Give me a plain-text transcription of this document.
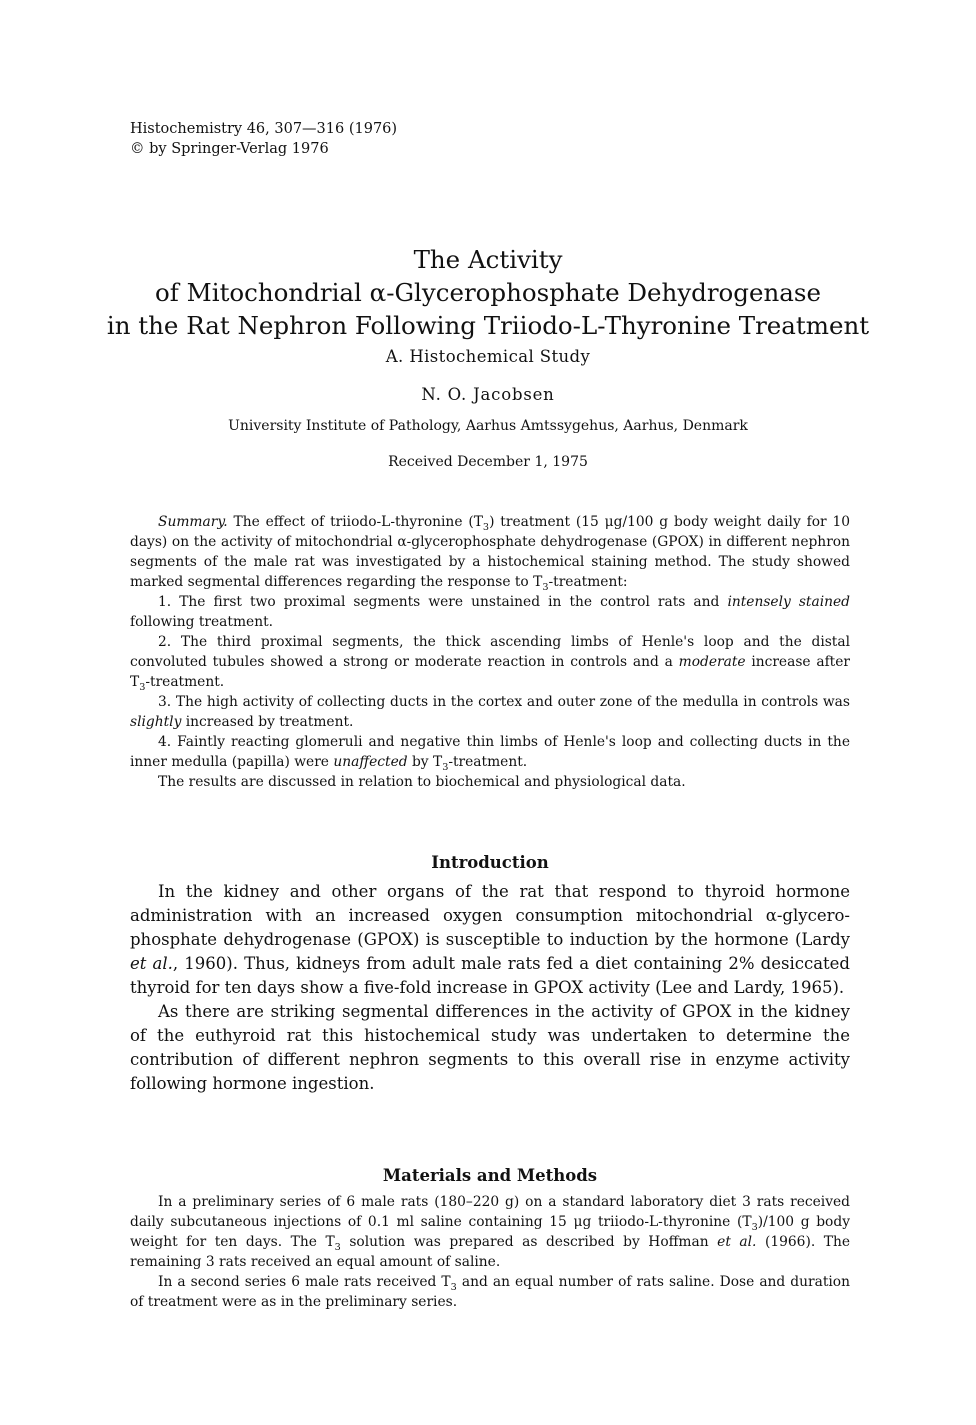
Histochemistry 46, 307—316 (1976)
© by Springer-Verlag 1976
The Activity
of Mitochondrial α-Glycerophosphate Dehydrogenase
in the Rat Nephron Following Triiodo-L-Thyronine Treatment
A. Histochemical Study
N. O. Jacobsen
University Institute of Pathology, Aarhus Amtssygehus, Aarhus, Denmark
Received December 1, 1975

Summary. The effect of triiodo-L-thyronine $(T_3)$ treatment (15 μg/100 g body weight daily for 10 days) on the activity of mitochondrial α-glycerophosphate dehydrogenase (GPOX) in different nephron segments of the male rat was investigated by a histochemical staining method. The study showed marked segmental differences regarding the response to $T_3$-treatment:

1. The first two proximal segments were unstained in the control rats and intensely stained following treatment.

2. The third proximal segments, the thick ascending limbs of Henle's loop and the distal convoluted tubules showed a strong or moderate reaction in controls and a moderate increase after $T_3$-treatment.

3. The high activity of collecting ducts in the cortex and outer zone of the medulla in controls was slightly increased by treatment.

4. Faintly reacting glomeruli and negative thin limbs of Henle's loop and collecting ducts in the inner medulla (papilla) were unaffected by $T_3$-treatment.

The results are discussed in relation to biochemical and physiological data.

Introduction

In the kidney and other organs of the rat that respond to thyroid hormone administration with an increased oxygen consumption mitochondrial α-glycero-phosphate dehydrogenase (GPOX) is susceptible to induction by the hormone (Lardy et al., 1960). Thus, kidneys from adult male rats fed a diet containing 2% desiccated thyroid for ten days show a five-fold increase in GPOX activity (Lee and Lardy, 1965).

As there are striking segmental differences in the activity of GPOX in the kidney of the euthyroid rat this histochemical study was undertaken to determine the contribution of different nephron segments to this overall rise in enzyme activity following hormone ingestion.

Materials and Methods

In a preliminary series of 6 male rats (180–220 g) on a standard laboratory diet 3 rats received daily subcutaneous injections of 0.1 ml saline containing 15 μg triiodo-L-thyronine $(T_3)/100$ g body weight for ten days. The $T_3$ solution was prepared as described by Hoffman et al. (1966). The remaining 3 rats received an equal amount of saline.

In a second series 6 male rats received $T_3$ and an equal number of rats saline. Dose and duration of treatment were as in the preliminary series.
